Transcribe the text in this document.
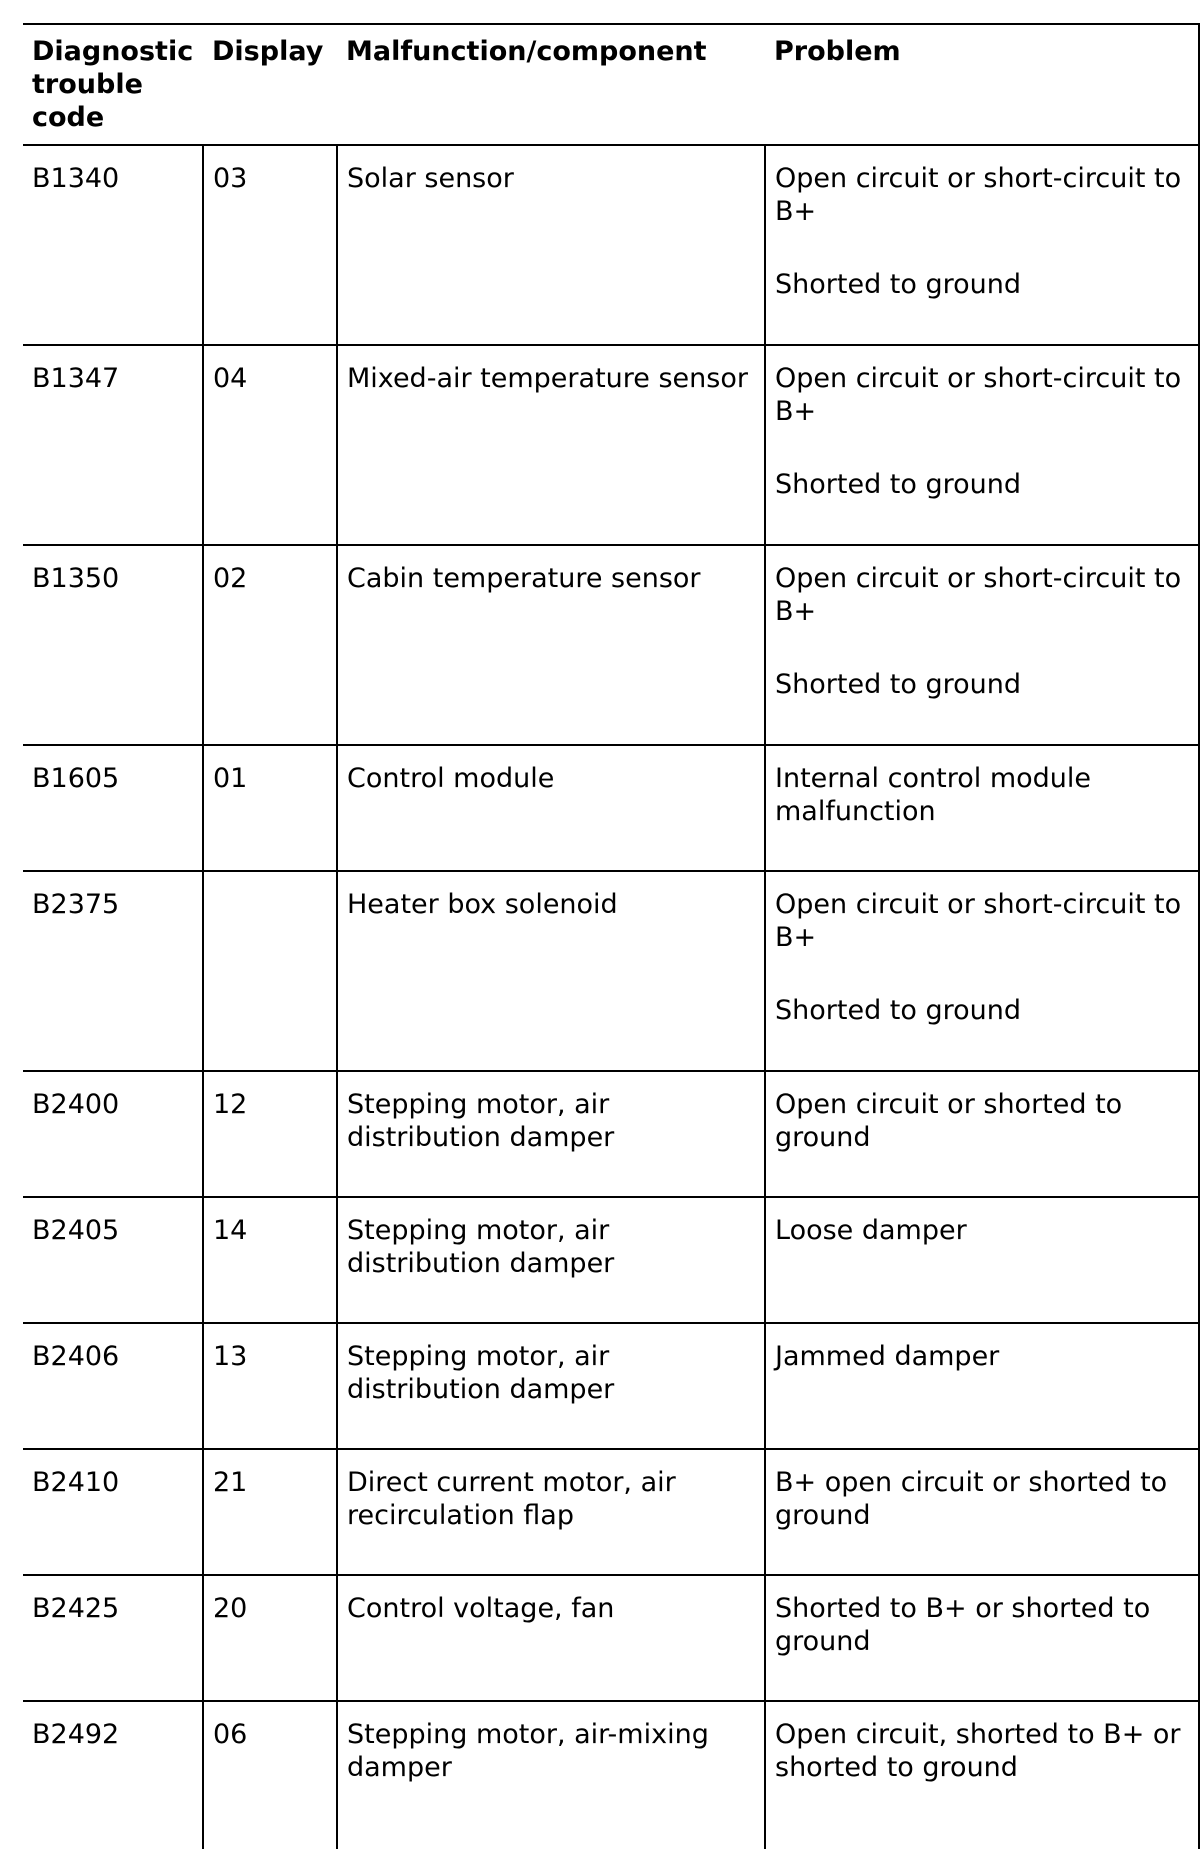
Diagnostic trouble code	Display	Malfunction/component	Problem
B1340	03	Solar sensor	Open circuit or short-circuit to B+
Shorted to ground

B1347	04	Mixed-air temperature sensor	Open circuit or short-circuit to B+
Shorted to ground

B1350	02	Cabin temperature sensor	Open circuit or short-circuit to B+
Shorted to ground

B1605	01	Control module	Internal control module malfunction

B2375		Heater box solenoid	Open circuit or short-circuit to B+
Shorted to ground

B2400	12	Stepping motor, air distribution damper	Open circuit or shorted to ground

B2405	14	Stepping motor, air distribution damper	Loose damper

B2406	13	Stepping motor, air distribution damper	Jammed damper

B2410	21	Direct current motor, air recirculation flap	B+ open circuit or shorted to ground

B2425	20	Control voltage, fan	Shorted to B+ or shorted to ground

B2492	06	Stepping motor, air-mixing damper	Open circuit, shorted to B+ or shorted to ground
